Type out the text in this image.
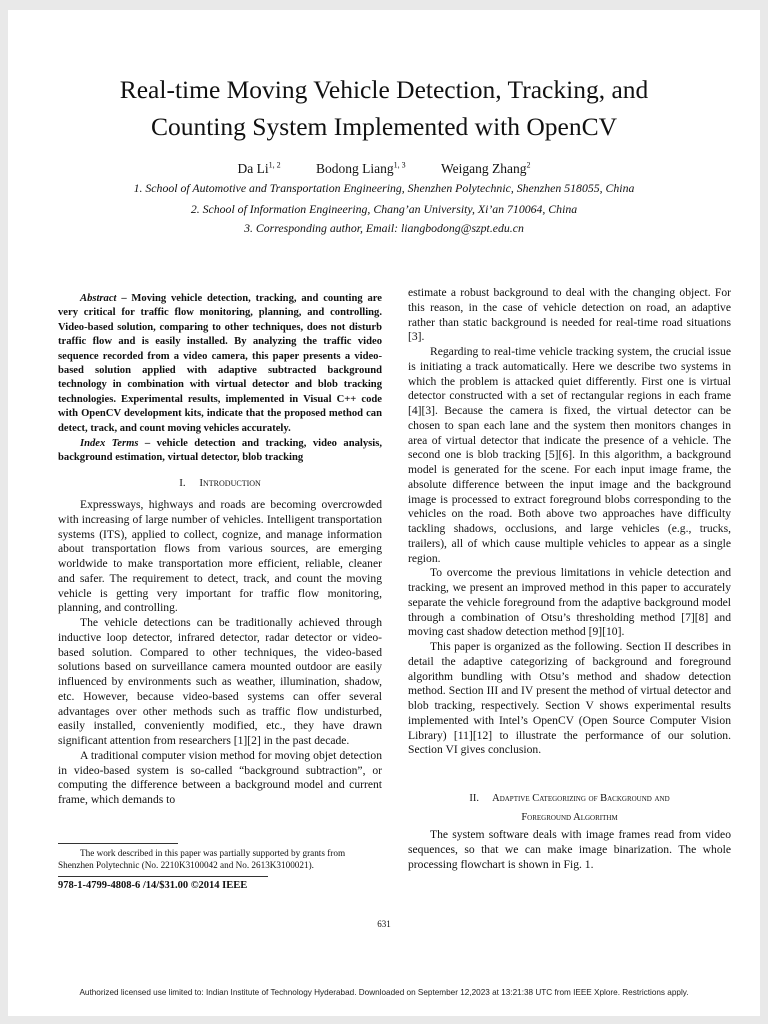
Real-time Moving Vehicle Detection, Tracking, and
Counting System Implemented with OpenCV
Da Li$^{1, 2}$	Bodong Liang$^{1, 3}$	Weigang Zhang$^2$
1. School of Automotive and Transportation Engineering, Shenzhen Polytechnic, Shenzhen 518055, China
2. School of Information Engineering, Chang’an University, Xi’an 710064, China
3. Corresponding author, Email: liangbodong@szpt.edu.cn

Abstract – Moving vehicle detection, tracking, and counting are very critical for traffic flow monitoring, planning, and controlling. Video-based solution, comparing to other techniques, does not disturb traffic flow and is easily installed. By analyzing the traffic video sequence recorded from a video camera, this paper presents a video-based solution applied with adaptive subtracted background technology in combination with virtual detector and blob tracking technologies. Experimental results, implemented in Visual C++ code with OpenCV development kits, indicate that the proposed method can detect, track, and count moving vehicles accurately.

Index Terms – vehicle detection and tracking, video analysis, background estimation, virtual detector, blob tracking

I. Introduction

Expressways, highways and roads are becoming overcrowded with increasing of large number of vehicles. Intelligent transportation systems (ITS), applied to collect, cognize, and manage information about transportation flows from various sources, are emerging worldwide to make transportation more efficient, reliable, cleaner and safer. The requirement to detect, track, and count the moving vehicle is getting very important for traffic flow monitoring, planning, and controlling.

The vehicle detections can be traditionally achieved through inductive loop detector, infrared detector, radar detector or video-based solution. Compared to other techniques, the video-based solutions based on surveillance camera mounted outdoor are easily influenced by environments such as weather, illumination, shadow, etc. However, because video-based systems can offer several advantages over other methods such as traffic flow undisturbed, easily installed, conveniently modified, etc., they have drawn significant attention from researchers [1][2] in the past decade.

A traditional computer vision method for moving objet detection in video-based system is so-called “background subtraction”, or computing the difference between a background model and current frame, which demands to

The work described in this paper was partially supported by grants from Shenzhen Polytechnic (No. 2210K3100042 and No. 2613K3100021).

978-1-4799-4808-6 /14/$31.00 ©2014 IEEE

estimate a robust background to deal with the changing object. For this reason, in the case of vehicle detection on road, an adaptive rather than static background is needed for real-time road situations [3].

Regarding to real-time vehicle tracking system, the crucial issue is initiating a track automatically. Here we describe two systems in which the problem is attacked quiet differently. First one is virtual detector constructed with a set of rectangular regions in each frame [4][3]. Because the camera is fixed, the virtual detector can be chosen to span each lane and the system then monitors changes in area of virtual detector that indicate the presence of a vehicle. The second one is blob tracking [5][6]. In this algorithm, a background model is generated for the scene. For each input image frame, the absolute difference between the input image and the background image is processed to extract foreground blobs corresponding to the vehicles on the road. Both above two approaches have difficulty tackling shadows, occlusions, and large vehicles (e.g., trucks, trailers), all of which cause multiple vehicles to appear as a single region.

To overcome the previous limitations in vehicle detection and tracking, we present an improved method in this paper to accurately separate the vehicle foreground from the adaptive background model through a combination of Otsu’s thresholding method [7][8] and moving cast shadow detection method [9][10].

This paper is organized as the following. Section II describes in detail the adaptive categorizing of background and foreground algorithm bundling with Otsu’s method and shadow detection method. Section III and IV present the method of virtual detector and blob tracking, respectively. Section V shows experimental results implemented with Intel’s OpenCV (Open Source Computer Vision Library) [11][12] to illustrate the performance of our solution. Section VI gives conclusion.

II. Adaptive Categorizing of Background and
Foreground Algorithm

The system software deals with image frames read from video sequences, so that we can make image binarization. The whole processing flowchart is shown in Fig. 1.

631
Authorized licensed use limited to: Indian Institute of Technology Hyderabad. Downloaded on September 12,2023 at 13:21:38 UTC from IEEE Xplore. Restrictions apply.
